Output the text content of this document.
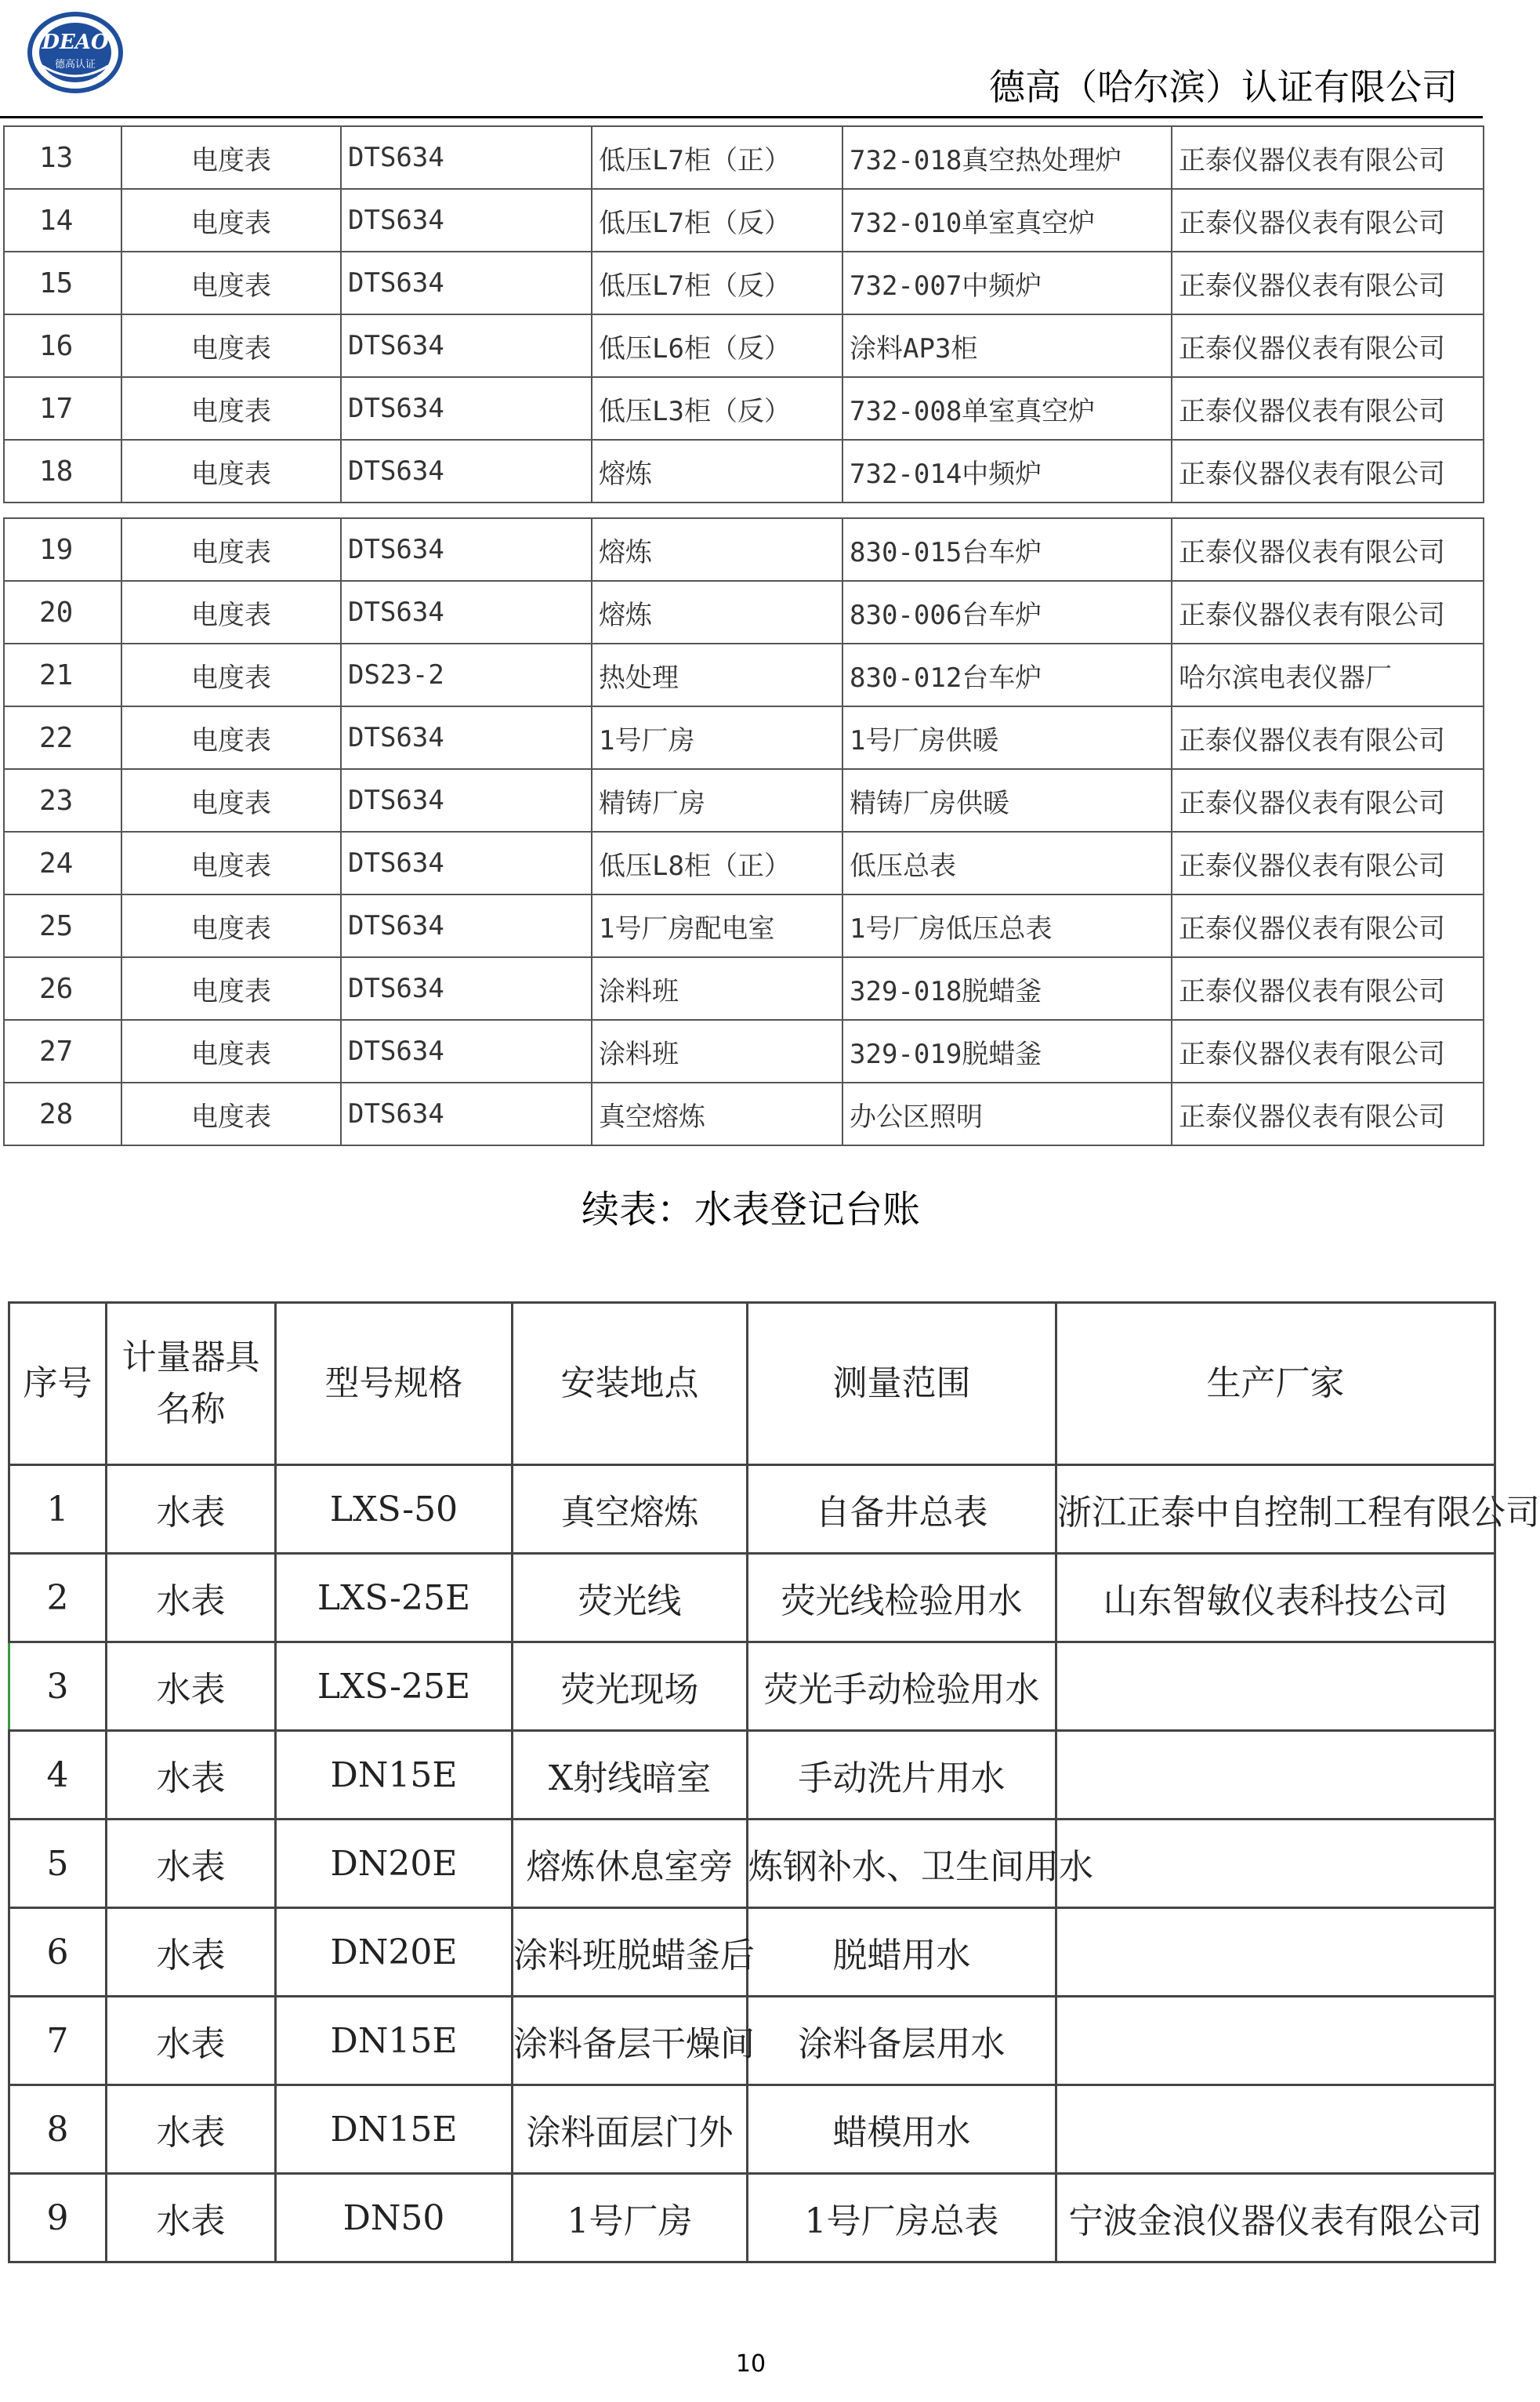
DEAO
德高认证
德高（哈尔滨）认证有限公司
13	电度表	DTS634	低压L7柜（正）	732-018真空热处理炉	正泰仪器仪表有限公司
14	电度表	DTS634	低压L7柜（反）	732-010单室真空炉	正泰仪器仪表有限公司
15	电度表	DTS634	低压L7柜（反）	732-007中频炉	正泰仪器仪表有限公司
16	电度表	DTS634	低压L6柜（反）	涂料AP3柜	正泰仪器仪表有限公司
17	电度表	DTS634	低压L3柜（反）	732-008单室真空炉	正泰仪器仪表有限公司
18	电度表	DTS634	熔炼	732-014中频炉	正泰仪器仪表有限公司
19	电度表	DTS634	熔炼	830-015台车炉	正泰仪器仪表有限公司
20	电度表	DTS634	熔炼	830-006台车炉	正泰仪器仪表有限公司
21	电度表	DS23-2	热处理	830-012台车炉	哈尔滨电表仪器厂
22	电度表	DTS634	1号厂房	1号厂房供暖	正泰仪器仪表有限公司
23	电度表	DTS634	精铸厂房	精铸厂房供暖	正泰仪器仪表有限公司
24	电度表	DTS634	低压L8柜（正）	低压总表	正泰仪器仪表有限公司
25	电度表	DTS634	1号厂房配电室	1号厂房低压总表	正泰仪器仪表有限公司
26	电度表	DTS634	涂料班	329-018脱蜡釜	正泰仪器仪表有限公司
27	电度表	DTS634	涂料班	329-019脱蜡釜	正泰仪器仪表有限公司
28	电度表	DTS634	真空熔炼	办公区照明	正泰仪器仪表有限公司
续表：水表登记台账
序号	计量器具名称	型号规格	安装地点	测量范围	生产厂家
1	水表	LXS-50	真空熔炼	自备井总表	浙江正泰中自控制工程有限公司
2	水表	LXS-25E	荧光线	荧光线检验用水	山东智敏仪表科技公司
3	水表	LXS-25E	荧光现场	荧光手动检验用水	
4	水表	DN15E	X射线暗室	手动洗片用水	
5	水表	DN20E	熔炼休息室旁	炼钢补水、卫生间用水	
6	水表	DN20E	涂料班脱蜡釜后	脱蜡用水	
7	水表	DN15E	涂料备层干燥间	涂料备层用水	
8	水表	DN15E	涂料面层门外	蜡模用水	
9	水表	DN50	1号厂房	1号厂房总表	宁波金浪仪器仪表有限公司
10
